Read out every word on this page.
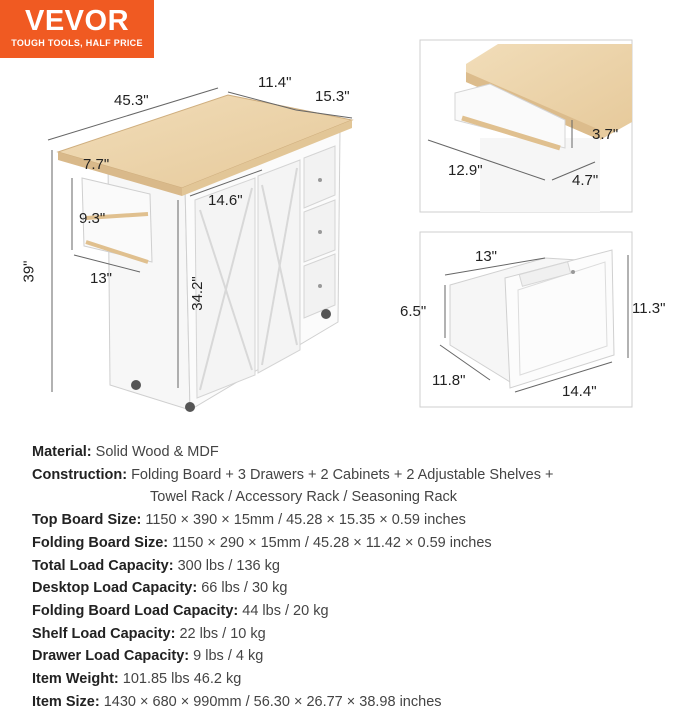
VEVOR
TOUGH TOOLS, HALF PRICE
45.3"
11.4"
15.3"
39"
7.7"
9.3"
13"
14.6"
34.2"
12.9"
3.7"
4.7"
13"
6.5"
11.8"
14.4"
11.3"
Material: Solid Wood & MDF
Construction: Folding Board + 3 Drawers + 2 Cabinets + 2 Adjustable Shelves +
Towel Rack / Accessory Rack / Seasoning Rack
Top Board Size: 1150 × 390 × 15mm / 45.28 × 15.35 × 0.59 inches
Folding Board Size: 1150 × 290 × 15mm / 45.28 × 11.42 × 0.59 inches
Total Load Capacity: 300 lbs / 136 kg
Desktop Load Capacity: 66 lbs / 30 kg
Folding Board Load Capacity: 44 lbs / 20 kg
Shelf Load Capacity: 22 lbs / 10 kg
Drawer Load Capacity: 9 lbs / 4 kg
Item Weight: 101.85 lbs 46.2 kg
Item Size: 1430 × 680 × 990mm / 56.30 × 26.77 × 38.98 inches
